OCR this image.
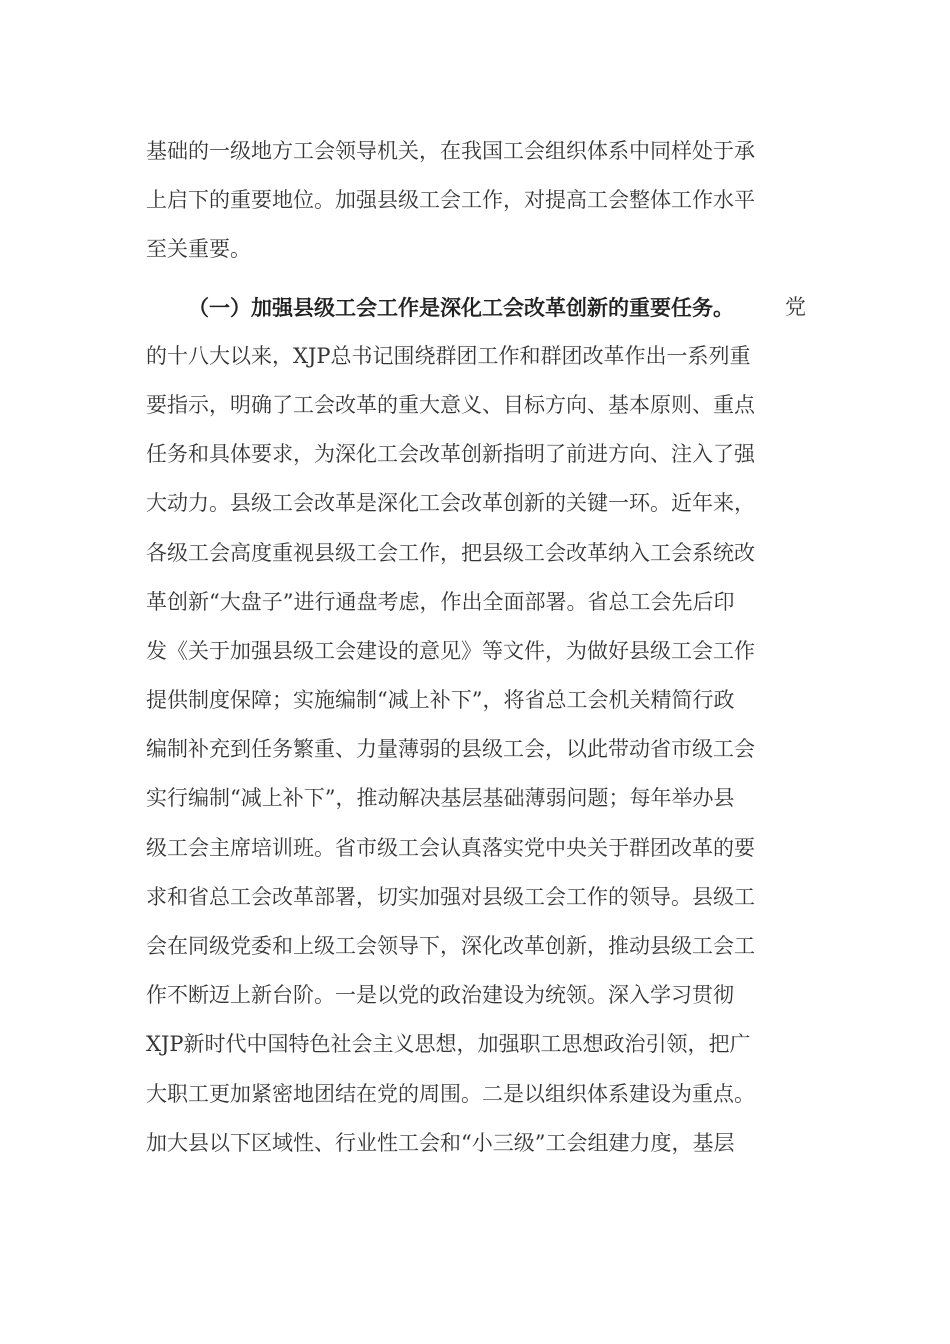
基础的一级地方工会领导机关，在我国工会组织体系中同样处于承
上启下的重要地位。加强县级工会工作，对提高工会整体工作水平
至关重要。
（一）加强县级工会工作是深化工会改革创新的重要任务。 党
的十八大以来，XJP总书记围绕群团工作和群团改革作出一系列重
要指示，明确了工会改革的重大意义、目标方向、基本原则、重点
任务和具体要求，为深化工会改革创新指明了前进方向、注入了强
大动力。县级工会改革是深化工会改革创新的关键一环。近年来，
各级工会高度重视县级工会工作，把县级工会改革纳入工会系统改
革创新“大盘子”进行通盘考虑，作出全面部署。省总工会先后印
发《关于加强县级工会建设的意见》等文件，为做好县级工会工作
提供制度保障；实施编制“减上补下”，将省总工会机关精简行政
编制补充到任务繁重、力量薄弱的县级工会，以此带动省市级工会
实行编制“减上补下”，推动解决基层基础薄弱问题；每年举办县
级工会主席培训班。省市级工会认真落实党中央关于群团改革的要
求和省总工会改革部署，切实加强对县级工会工作的领导。县级工
会在同级党委和上级工会领导下，深化改革创新，推动县级工会工
作不断迈上新台阶。一是以党的政治建设为统领。深入学习贯彻
XJP新时代中国特色社会主义思想，加强职工思想政治引领，把广
大职工更加紧密地团结在党的周围。二是以组织体系建设为重点。
加大县以下区域性、行业性工会和“小三级”工会组建力度，基层
